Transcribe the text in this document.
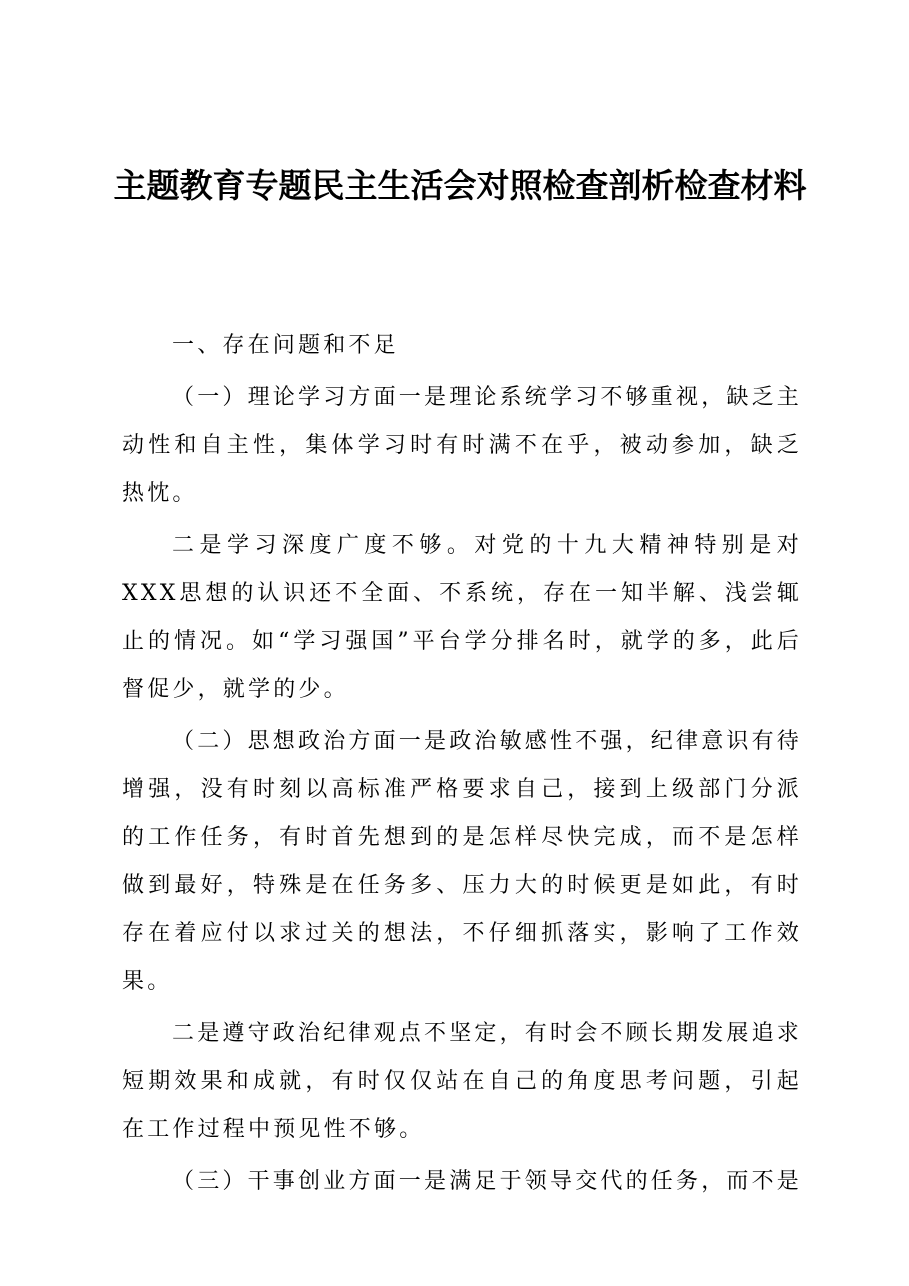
主题教育专题民主生活会对照检查剖析检查材料

一、存在问题和不足

（一）理论学习方面一是理论系统学习不够重视，缺乏主动性和自主性，集体学习时有时满不在乎，被动参加，缺乏热忱。

二是学习深度广度不够。对党的十九大精神特别是对XXX思想的认识还不全面、不系统，存在一知半解、浅尝辄止的情况。如“学习强国”平台学分排名时，就学的多，此后督促少，就学的少。

（二）思想政治方面一是政治敏感性不强，纪律意识有待增强，没有时刻以高标准严格要求自己，接到上级部门分派的工作任务，有时首先想到的是怎样尽快完成，而不是怎样做到最好，特殊是在任务多、压力大的时候更是如此，有时存在着应付以求过关的想法，不仔细抓落实，影响了工作效果。

二是遵守政治纪律观点不坚定，有时会不顾长期发展追求短期效果和成就，有时仅仅站在自己的角度思考问题，引起在工作过程中预见性不够。

（三）干事创业方面一是满足于领导交代的任务，而不是
